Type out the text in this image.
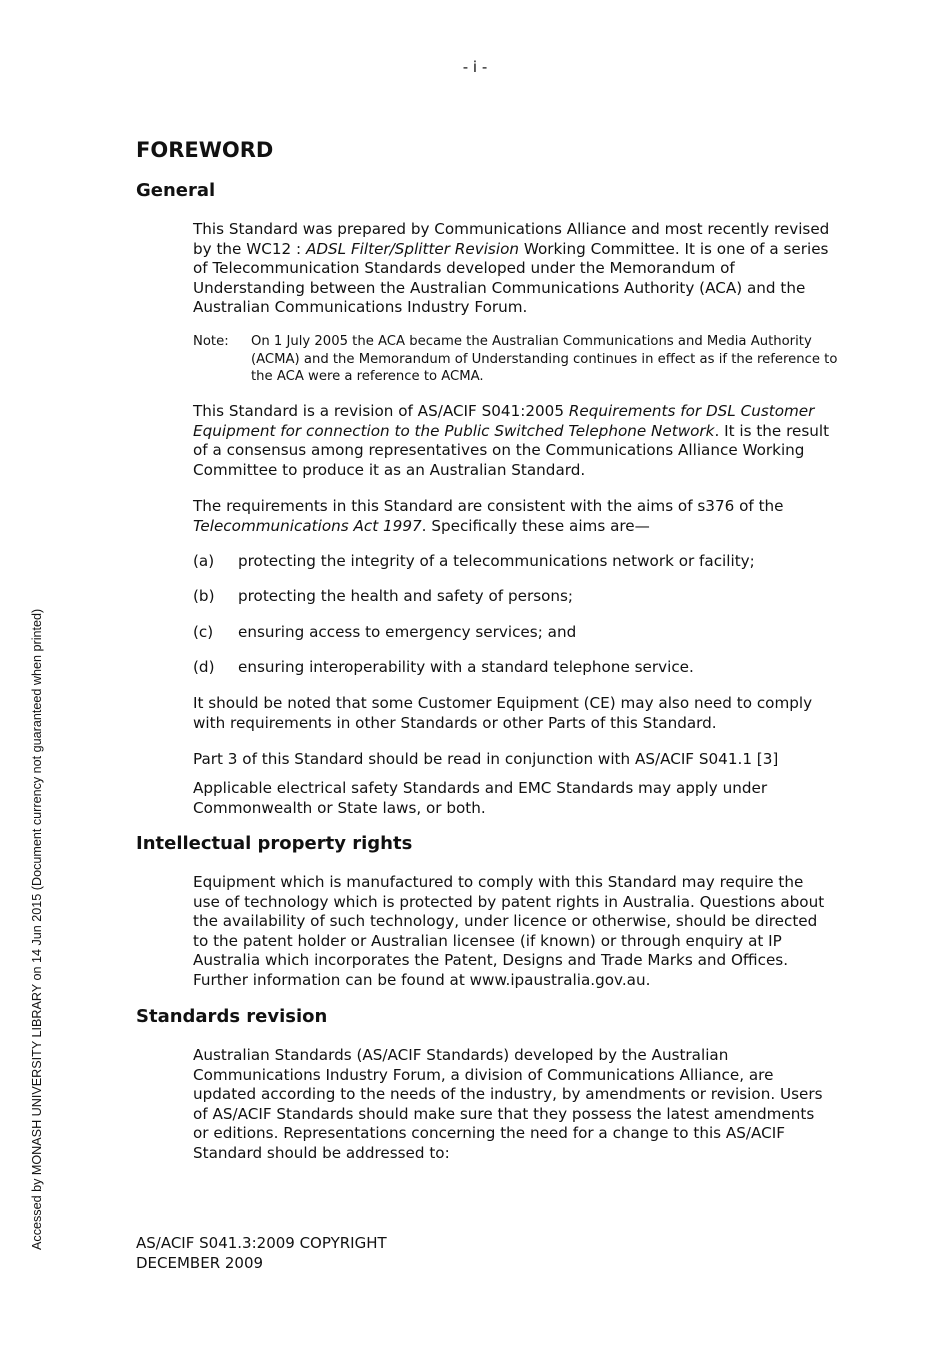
- i -
FOREWORD
General

This Standard was prepared by Communications Alliance and most recently revised by the WC12 : ADSL Filter/Splitter Revision Working Committee. It is one of a series of Telecommunication Standards developed under the Memorandum of Understanding between the Australian Communications Authority (ACA) and the Australian Communications Industry Forum.

Note: On 1 July 2005 the ACA became the Australian Communications and Media Authority (ACMA) and the Memorandum of Understanding continues in effect as if the reference to the ACA were a reference to ACMA.

This Standard is a revision of AS/ACIF S041:2005 Requirements for DSL Customer Equipment for connection to the Public Switched Telephone Network. It is the result of a consensus among representatives on the Communications Alliance Working Committee to produce it as an Australian Standard.

The requirements in this Standard are consistent with the aims of s376 of the Telecommunications Act 1997. Specifically these aims are—

(a) protecting the integrity of a telecommunications network or facility;
(b) protecting the health and safety of persons;
(c) ensuring access to emergency services; and
(d) ensuring interoperability with a standard telephone service.

It should be noted that some Customer Equipment (CE) may also need to comply with requirements in other Standards or other Parts of this Standard.

Part 3 of this Standard should be read in conjunction with AS/ACIF S041.1 [3]

Applicable electrical safety Standards and EMC Standards may apply under Commonwealth or State laws, or both.

Intellectual property rights

Equipment which is manufactured to comply with this Standard may require the use of technology which is protected by patent rights in Australia. Questions about the availability of such technology, under licence or otherwise, should be directed to the patent holder or Australian licensee (if known) or through enquiry at IP Australia which incorporates the Patent, Designs and Trade Marks and Offices. Further information can be found at www.ipaustralia.gov.au.

Standards revision

Australian Standards (AS/ACIF Standards) developed by the Australian Communications Industry Forum, a division of Communications Alliance, are updated according to the needs of the industry, by amendments or revision. Users of AS/ACIF Standards should make sure that they possess the latest amendments or editions. Representations concerning the need for a change to this AS/ACIF Standard should be addressed to:

AS/ACIF S041.3:2009 COPYRIGHT
DECEMBER 2009
Accessed by MONASH UNIVERSITY LIBRARY on 14 Jun 2015 (Document currency not guaranteed when printed)
